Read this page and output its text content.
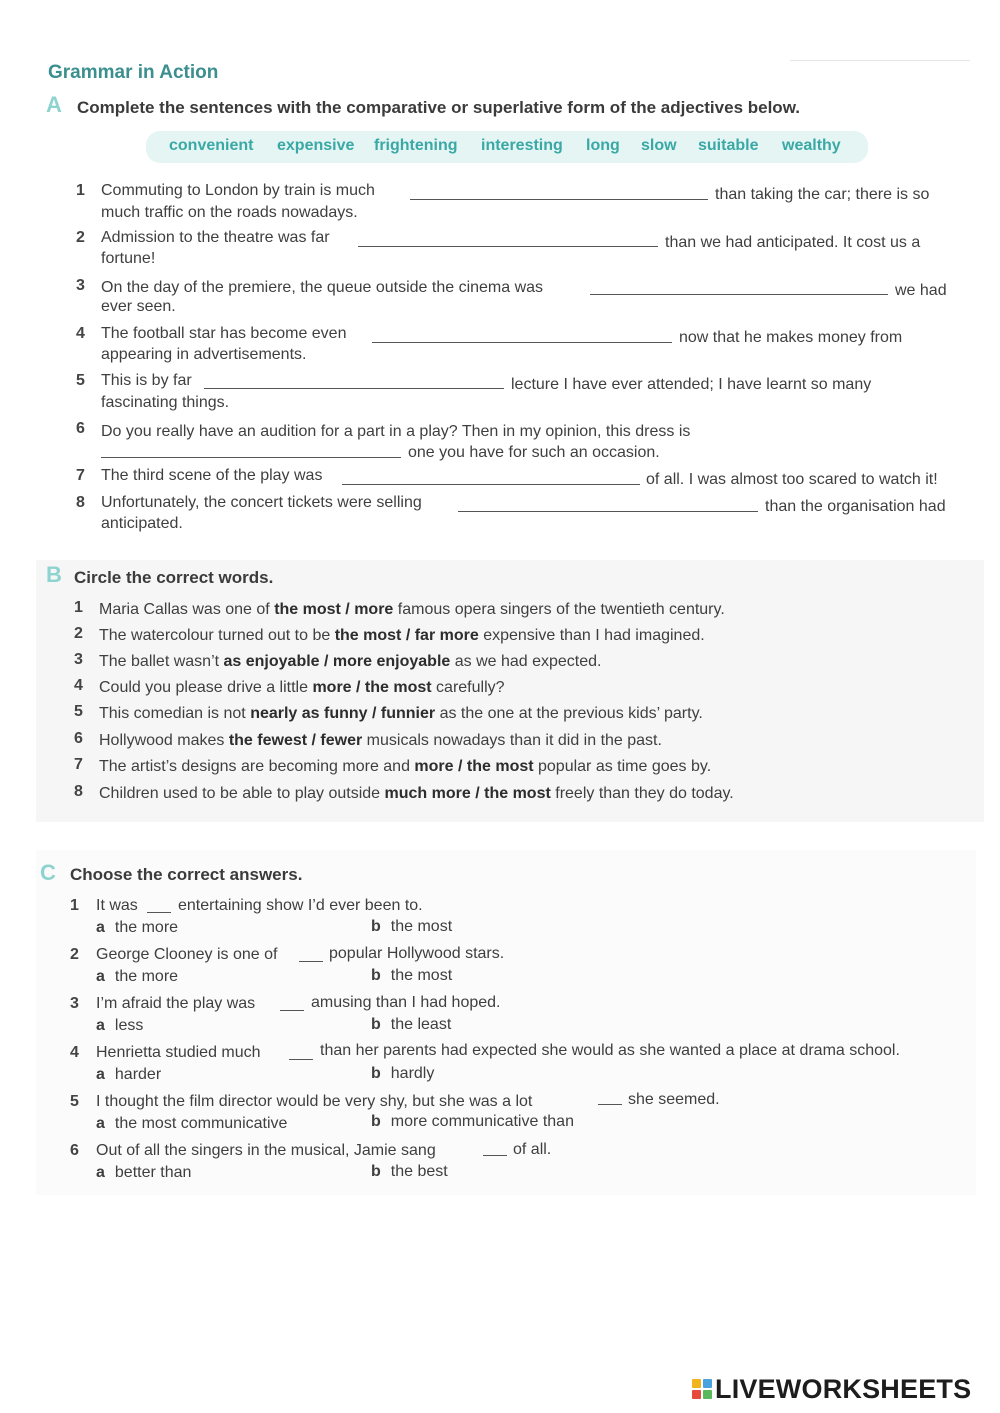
Grammar in Action
A Complete the sentences with the comparative or superlative form of the adjectives below.
convenient expensive frightening interesting long slow suitable wealthy
1 Commuting to London by train is much	than taking the car; there is so
much traffic on the roads nowadays.
2 Admission to the theatre was far	than we had anticipated. It cost us a
fortune!
3 On the day of the premiere, the queue outside the cinema was	we had
ever seen.
4 The football star has become even	now that he makes money from
appearing in advertisements.
5 This is by far	lecture I have ever attended; I have learnt so many
fascinating things.
6 Do you really have an audition for a part in a play? Then in my opinion, this dress is
one you have for such an occasion.
7 The third scene of the play was	of all. I was almost too scared to watch it!
8 Unfortunately, the concert tickets were selling	than the organisation had
anticipated.
B Circle the correct words.
1 Maria Callas was one of the most / more famous opera singers of the twentieth century.
2 The watercolour turned out to be the most / far more expensive than I had imagined.
3 The ballet wasn’t as enjoyable / more enjoyable as we had expected.
4 Could you please drive a little more / the most carefully?
5 This comedian is not nearly as funny / funnier as the one at the previous kids’ party.
6 Hollywood makes the fewest / fewer musicals nowadays than it did in the past.
7 The artist’s designs are becoming more and more / the most popular as time goes by.
8 Children used to be able to play outside much more / the most freely than they do today.
C Choose the correct answers.
1 It was	entertaining show I’d ever been to.
a the more	b the most
2 George Clooney is one of	popular Hollywood stars.
a the more	b the most
3 I’m afraid the play was	amusing than I had hoped.
a less	b the least
4 Henrietta studied much	than her parents had expected she would as she wanted a place at drama school.
a harder	b hardly
5 I thought the film director would be very shy, but she was a lot	she seemed.
a the most communicative	b more communicative than
6 Out of all the singers in the musical, Jamie sang	of all.
a better than	b the best
LIVEWORKSHEETS
